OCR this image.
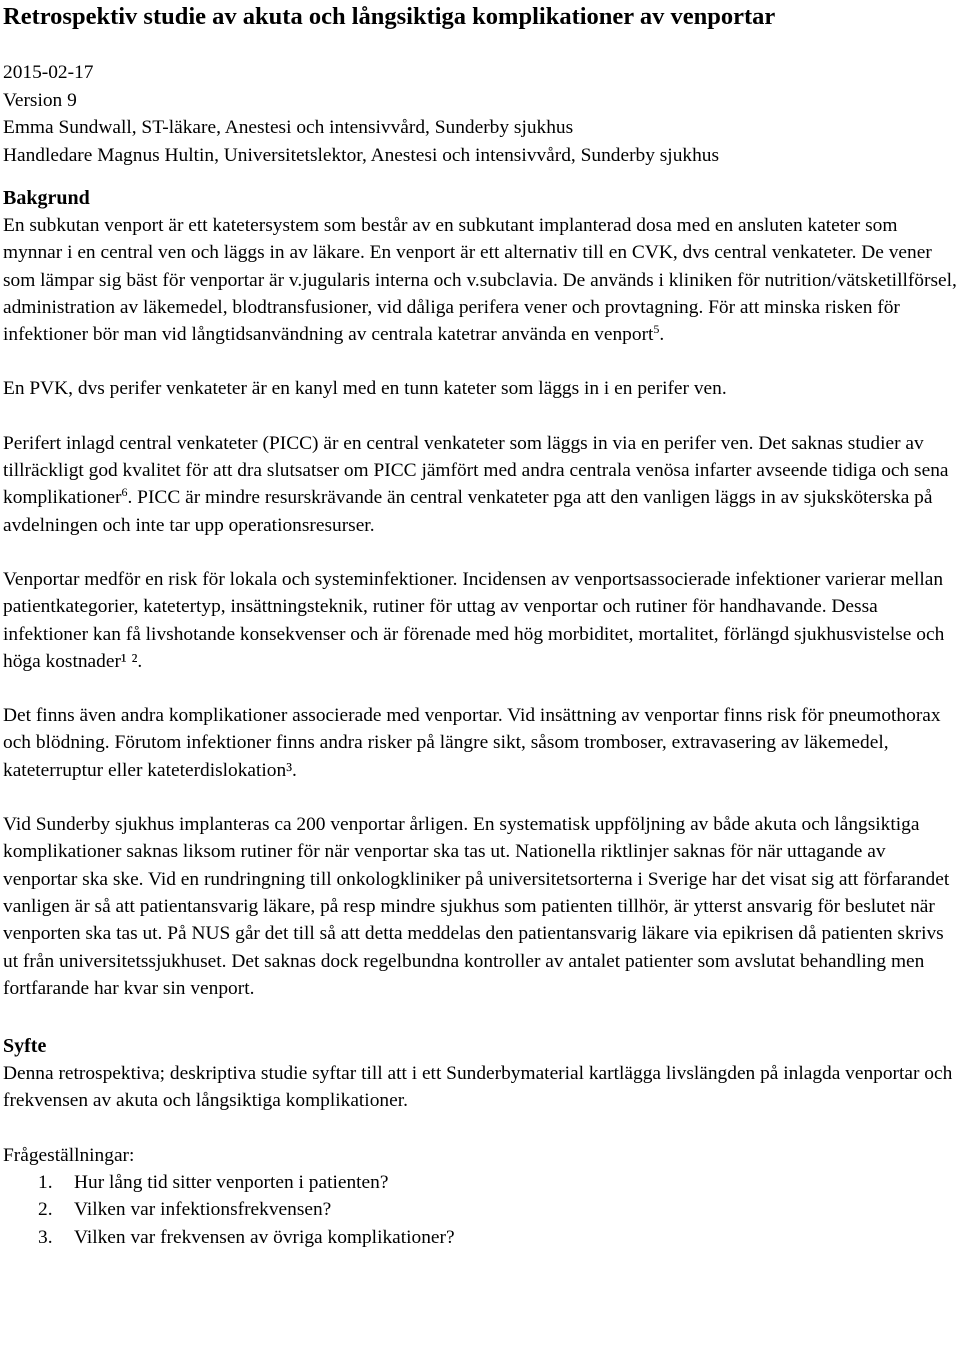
Retrospektiv studie av akuta och långsiktiga komplikationer av venportar
2015-02-17
Version 9
Emma Sundwall, ST-läkare, Anestesi och intensivvård, Sunderby sjukhus
Handledare Magnus Hultin, Universitetslektor, Anestesi och intensivvård, Sunderby sjukhus
Bakgrund

En subkutan venport är ett katetersystem som består av en subkutant implanterad dosa med en ansluten kateter som mynnar i en central ven och läggs in av läkare. En venport är ett alternativ till en CVK, dvs central venkateter. De vener som lämpar sig bäst för venportar är v.jugularis interna och v.subclavia. De används i kliniken för nutrition/vätsketillförsel, administration av läkemedel, blodtransfusioner, vid dåliga perifera vener och provtagning. För att minska risken för infektioner bör man vid långtidsanvändning av centrala katetrar använda en venport$^5$.

En PVK, dvs perifer venkateter är en kanyl med en tunn kateter som läggs in i en perifer ven.

Perifert inlagd central venkateter (PICC) är en central venkateter som läggs in via en perifer ven. Det saknas studier av tillräckligt god kvalitet för att dra slutsatser om PICC jämfört med andra centrala venösa infarter avseende tidiga och sena komplikationer$^6$. PICC är mindre resurskrävande än central venkateter pga att den vanligen läggs in av sjuksköterska på avdelningen och inte tar upp operationsresurser.

Venportar medför en risk för lokala och systeminfektioner. Incidensen av venportsassocierade infektioner varierar mellan patientkategorier, katetertyp, insättningsteknik, rutiner för uttag av venportar och rutiner för handhavande. Dessa infektioner kan få livshotande konsekvenser och är förenade med hög morbiditet, mortalitet, förlängd sjukhusvistelse och höga kostnader¹ ².

Det finns även andra komplikationer associerade med venportar. Vid insättning av venportar finns risk för pneumothorax och blödning. Förutom infektioner finns andra risker på längre sikt, såsom tromboser, extravasering av läkemedel, kateterruptur eller kateterdislokation³.

Vid Sunderby sjukhus implanteras ca 200 venportar årligen. En systematisk uppföljning av både akuta och långsiktiga komplikationer saknas liksom rutiner för när venportar ska tas ut. Nationella riktlinjer saknas för när uttagande av venportar ska ske. Vid en rundringning till onkologkliniker på universitetsorterna i Sverige har det visat sig att förfarandet vanligen är så att patientansvarig läkare, på resp mindre sjukhus som patienten tillhör, är ytterst ansvarig för beslutet när venporten ska tas ut. På NUS går det till så att detta meddelas den patientansvarig läkare via epikrisen då patienten skrivs ut från universitetssjukhuset. Det saknas dock regelbundna kontroller av antalet patienter som avslutat behandling men fortfarande har kvar sin venport.

Syfte

Denna retrospektiva; deskriptiva studie syftar till att i ett Sunderbymaterial kartlägga livslängden på inlagda venportar och frekvensen av akuta och långsiktiga komplikationer.

Frågeställningar:
1. Hur lång tid sitter venporten i patienten?
2. Vilken var infektionsfrekvensen?
3. Vilken var frekvensen av övriga komplikationer?
